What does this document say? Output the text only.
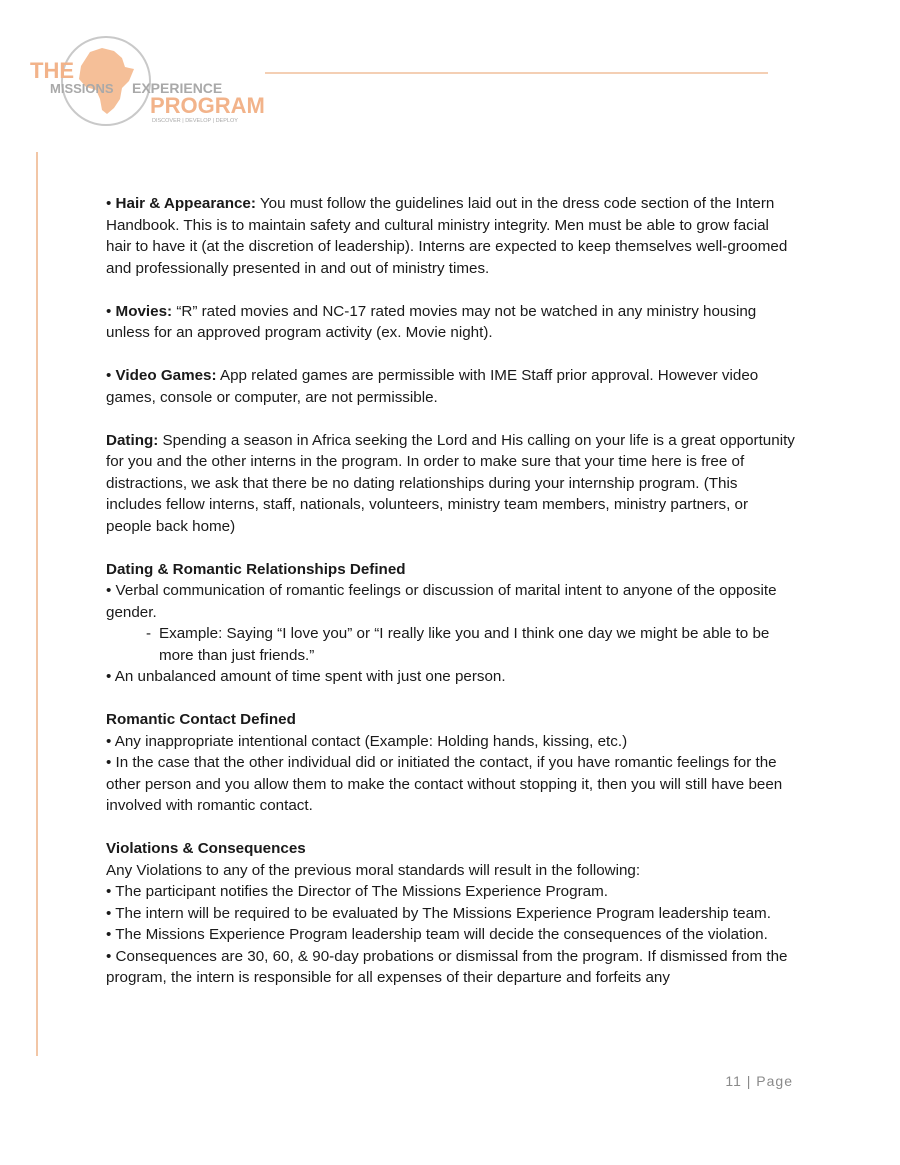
THE
MISSIONS EXPERIENCE
PROGRAM
DISCOVER | DEVELOP | DEPLOY

• Hair & Appearance: You must follow the guidelines laid out in the dress code section of the Intern Handbook. This is to maintain safety and cultural ministry integrity. Men must be able to grow facial hair to have it (at the discretion of leadership). Interns are expected to keep themselves well-groomed and professionally presented in and out of ministry times.

• Movies: “R” rated movies and NC-17 rated movies may not be watched in any ministry housing unless for an approved program activity (ex. Movie night).

• Video Games: App related games are permissible with IME Staff prior approval. However video games, console or computer, are not permissible.

Dating: Spending a season in Africa seeking the Lord and His calling on your life is a great opportunity for you and the other interns in the program. In order to make sure that your time here is free of distractions, we ask that there be no dating relationships during your internship program. (This includes fellow interns, staff, nationals, volunteers, ministry team members, ministry partners, or people back home)

Dating & Romantic Relationships Defined

• Verbal communication of romantic feelings or discussion of marital intent to anyone of the opposite gender.

- Example: Saying “I love you” or “I really like you and I think one day we might be able to be more than just friends.”

• An unbalanced amount of time spent with just one person.

Romantic Contact Defined

• Any inappropriate intentional contact (Example: Holding hands, kissing, etc.)

• In the case that the other individual did or initiated the contact, if you have romantic feelings for the other person and you allow them to make the contact without stopping it, then you will still have been involved with romantic contact.

Violations & Consequences

Any Violations to any of the previous moral standards will result in the following:

• The participant notifies the Director of The Missions Experience Program.

• The intern will be required to be evaluated by The Missions Experience Program leadership team.

• The Missions Experience Program leadership team will decide the consequences of the violation.

• Consequences are 30, 60, & 90-day probations or dismissal from the program. If dismissed from the program, the intern is responsible for all expenses of their departure and forfeits any

11 | Page
